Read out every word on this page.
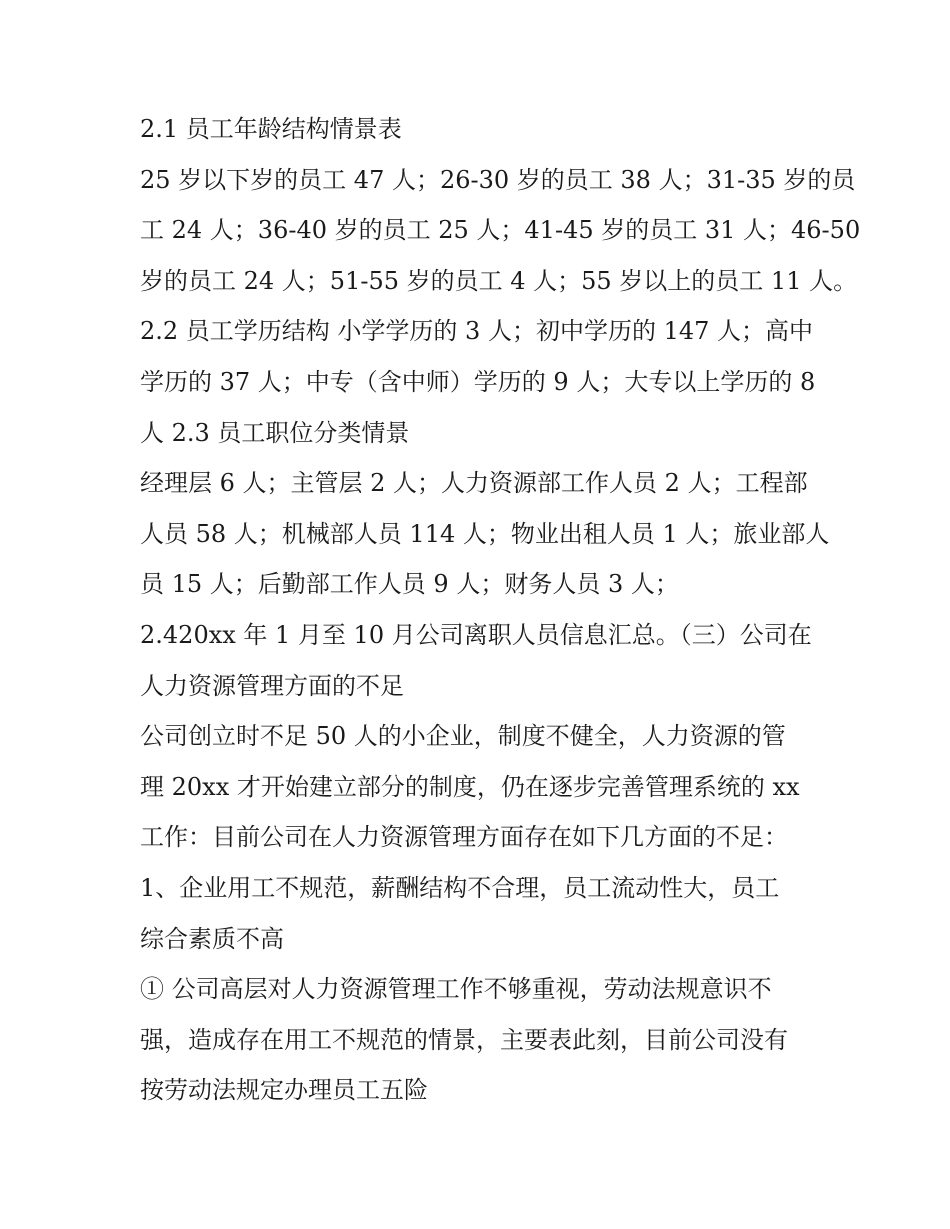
2.1 员工年龄结构情景表
25 岁以下岁的员工 47 人；26-30 岁的员工 38 人；31-35 岁的员
工 24 人；36-40 岁的员工 25 人；41-45 岁的员工 31 人；46-50
岁的员工 24 人；51-55 岁的员工 4 人；55 岁以上的员工 11 人。
2.2 员工学历结构 小学学历的 3 人；初中学历的 147 人；高中
学历的 37 人；中专（含中师）学历的 9 人；大专以上学历的 8
人 2.3 员工职位分类情景
经理层 6 人；主管层 2 人；人力资源部工作人员 2 人；工程部
人员 58 人；机械部人员 114 人；物业出租人员 1 人；旅业部人
员 15 人；后勤部工作人员 9 人；财务人员 3 人；
2.420xx 年 1 月至 10 月公司离职人员信息汇总。（三）公司在
人力资源管理方面的不足
公司创立时不足 50 人的小企业，制度不健全，人力资源的管
理 20xx 才开始建立部分的制度，仍在逐步完善管理系统的 xx
工作：目前公司在人力资源管理方面存在如下几方面的不足：
1、企业用工不规范，薪酬结构不合理，员工流动性大，员工
综合素质不高
① 公司高层对人力资源管理工作不够重视，劳动法规意识不
强，造成存在用工不规范的情景，主要表此刻，目前公司没有
按劳动法规定办理员工五险
